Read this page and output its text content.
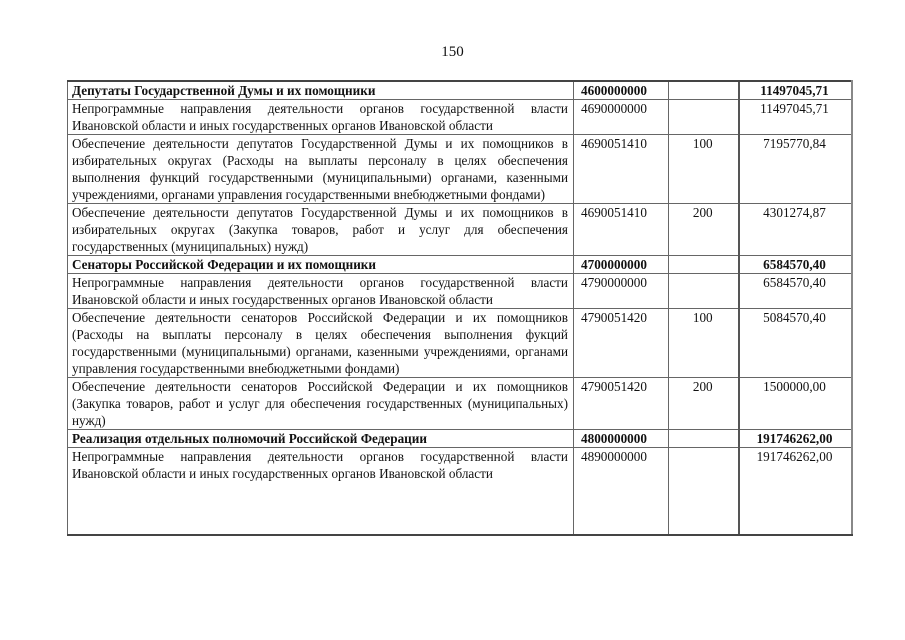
150
Депутаты Государственной Думы и их помощники	4600000000		11497045,71
Непрограммные направления деятельности органов государственной власти Ивановской области и иных государственных органов Ивановской области	4690000000		11497045,71
Обеспечение деятельности депутатов Государственной Думы и их помощников в избирательных округах (Расходы на выплаты персоналу в целях обеспечения выполнения функций государственными (муниципальными) органами, казенными учреждениями, органами управления государственными внебюджетными фондами)	4690051410	100	7195770,84
Обеспечение деятельности депутатов Государственной Думы и их помощников в избирательных округах (Закупка товаров, работ и услуг для обеспечения государственных (муниципальных) нужд)	4690051410	200	4301274,87
Сенаторы Российской Федерации и их помощники	4700000000		6584570,40
Непрограммные направления деятельности органов государственной власти Ивановской области и иных государственных органов Ивановской области	4790000000		6584570,40
Обеспечение деятельности сенаторов Российской Федерации и их помощников (Расходы на выплаты персоналу в целях обеспечения выполнения фукций государственными (муниципальными) органами, казенными учреждениями, органами управления государственными внебюджетными фондами)	4790051420	100	5084570,40
Обеспечение деятельности сенаторов Российской Федерации и их помощников (Закупка товаров, работ и услуг для обеспечения государственных (муниципальных) нужд)	4790051420	200	1500000,00
Реализация отдельных полномочий Российской Федерации	4800000000		191746262,00
Непрограммные направления деятельности органов государственной власти Ивановской области и иных государственных органов Ивановской области	4890000000		191746262,00
